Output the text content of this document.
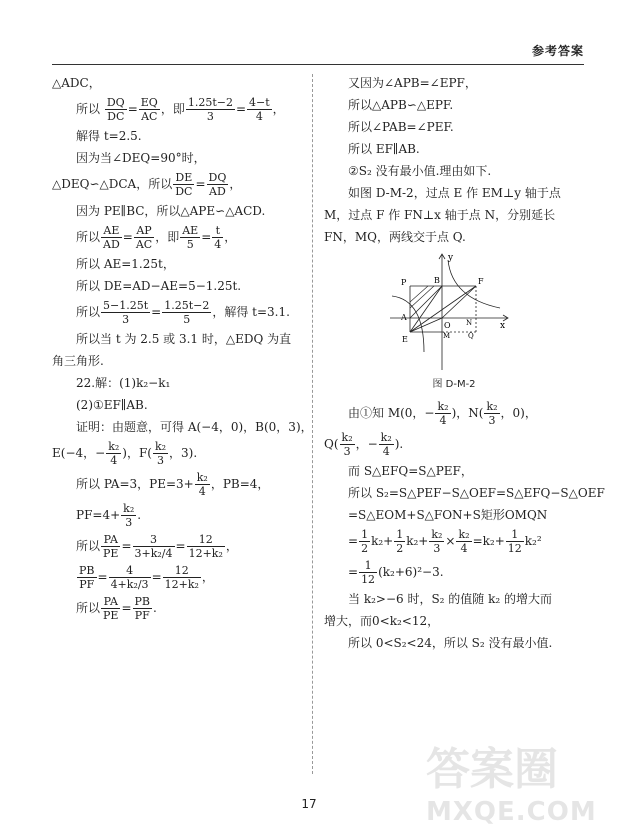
参考答案
△ADC，
所以 $\frac{DQ}{DC} = \frac{EQ}{AC}$ ，即 $\frac{1.25t-2}{3} = \frac{4-t}{4}$ ，
解得 t=2.5.
因为当∠DEQ=90°时，
△DEQ∽△DCA，所以 $\frac{DE}{DC} = \frac{DQ}{AD}$ ，
因为 PE∥BC，所以△APE∽△ACD.
所以 $\frac{AE}{AD} = \frac{AP}{AC}$ ，即 $\frac{AE}{5} = \frac{t}{4}$ ，
所以 AE=1.25t，
所以 DE=AD−AE=5−1.25t.
所以 $\frac{5-1.25t}{3} = \frac{1.25t-2}{5}$ ，解得 t=3.1.
所以当 t 为 2.5 或 3.1 时，△EDQ 为直
角三角形.
22.解：(1)k₂−k₁
(2)①EF∥AB.
证明：由题意，可得 A(−4，0)，B(0，3)，
E(−4，− $\frac{\text{k₂}}{4}$ )，$F( \frac{\text{k₂}}{3}$ ，3).
所以 PA=3，$PE=3+ \frac{\text{k₂}}{4}$ ，PB=4，
$PF=4+ \frac{\text{k₂}}{3}$ .
所以 $\frac{PA}{PE} = \frac{3}{\text{3+k₂/4}} = \frac{12}{\text{12+k₂}}$ ，
$\frac{PB}{PF} = \frac{4}{\text{4+k₂/3}} = \frac{12}{\text{12+k₂}}$ ，
所以 $\frac{PA}{PE} = \frac{PB}{PF}$ .
又因为∠APB=∠EPF，
所以△APB∽△EPF.
所以∠PAB=∠PEF.
所以 EF∥AB.
②S₂ 没有最小值.理由如下.
如图 D-M-2，过点 E 作 EM⊥y 轴于点
M，过点 F 作 FN⊥x 轴于点 N，分别延长
FN，MQ，两线交于点 Q.
y
x
P	B	F
A
O N
M	Q
E
图 D-M-2
由①知 M(0，− $\frac{\text{k₂}}{4}$ )，$N( \frac{\text{k₂}}{3}$ ，0)，
$Q( \frac{\text{k₂}}{3}$ ，− $\frac{\text{k₂}}{4}$ ).
而 S△EFQ=S△PEF，
所以 S₂=S△PEF−S△OEF=S△EFQ−S△OEF
=S△EOM+S△FON+S矩形OMQN
= $\frac{1}{2} k_2+ \frac{1}{2} k_2+ \frac{\text{k₂}}{3} \times \frac{\text{k₂}}{4} =k_2+ \frac{1}{12} k_2^2$
= $\frac{1}{12} (k_2+6)^2-3$.
当 k₂>−6 时，S₂ 的值随 k₂ 的增大而
增大，而0<k₂<12，
所以 0<S₂<24，所以 S₂ 没有最小值.
17
答案圈
MXQE.COM
